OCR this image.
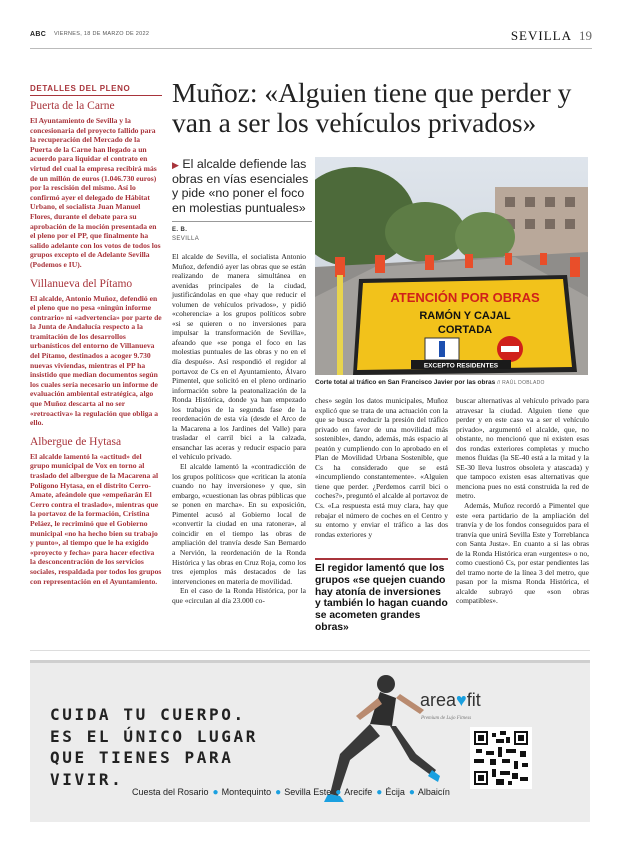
ABC VIERNES, 18 DE MARZO DE 2022	SEVILLA 19
DETALLES DEL PLENO
Puerta de la Carne

El Ayuntamiento de Sevilla y la concesionaria del proyecto fallido para la recuperación del Mercado de la Puerta de la Carne han llegado a un acuerdo para liquidar el contrato en virtud del cual la empresa recibirá más de un millón de euros (1.046.730 euros) por la rescisión del mismo. Así lo confirmó ayer el delegado de Hábitat Urbano, el socialista Juan Manuel Flores, durante el debate para su aprobación de la moción presentada en el pleno por el PP, que finalmente ha salido adelante con los votos de todos los grupos excepto el de Adelante Sevilla (Podemos e IU).

Villanueva del Pítamo

El alcalde, Antonio Muñoz, defendió en el pleno que no pesa «ningún informe contrario» ni «advertencia» por parte de la Junta de Andalucía respecto a la tramitación de los desarrollos urbanísticos del entorno de Villanueva del Pítamo, destinados a acoger 9.730 nuevas viviendas, mientras el PP ha insistido que median documentos según los cuales sería necesario un informe de evaluación ambiental estratégica, algo que Muñoz descarta al no ser «retroactiva» la regulación que obliga a ello.

Albergue de Hytasa

El alcalde lamentó la «actitud» del grupo municipal de Vox en torno al traslado del albergue de la Macarena al Polígono Hytasa, en el distrito Cerro-Amate, afeándole que «empeñarán El Cerro contra el traslado», mientras que la portavoz de la formación, Cristina Peláez, le recriminó que el Gobierno municipal «no ha hecho bien su trabajo y punto», al tiempo que le ha exigido «proyecto y fecha» para hacer efectiva la desconcentración de los servicios sociales, respaldada por todos los grupos con representación en el Ayuntamiento.

Muñoz: «Alguien tiene que perder y van a ser los vehículos privados»
▶ El alcalde defiende las obras en vías esenciales y pide «no poner el foco en molestias puntuales»
E. B.
SEVILLA

El alcalde de Sevilla, el socialista Antonio Muñoz, defendió ayer las obras que se están realizando de manera simultánea en avenidas principales de la ciudad, justificándolas en que «hay que reducir el volumen de vehículos privados», y pidió «coherencia» a los grupos políticos sobre «si se quieren o no inversiones para impulsar la transformación de Sevilla», afeando que «se ponga el foco en las molestias puntuales de las obras y no en el día después». Así respondió el regidor al portavoz de Cs en el Ayuntamiento, Álvaro Pimentel, que solicitó en el pleno ordinario información sobre la peatonalización de la Ronda Histórica, donde ya han empezado los trabajos de la segunda fase de la reordenación de esta vía (desde el Arco de la Macarena a los Jardines del Valle) para trasladar el carril bici a la calzada, ensanchar las aceras y reducir espacio para el vehículo privado.

El alcalde lamentó la «contradicción de los grupos políticos» que «critican la atonía cuando no hay inversiones» y que, sin embargo, «cuestionan las obras públicas que se ponen en marcha». En su exposición, Pimentel acusó al Gobierno local de «convertir la ciudad en una ratonera», al coincidir en el tiempo las obras de ampliación del tranvía desde San Bernardo a Nervión, la reordenación de la Ronda Histórica y las obras en Cruz Roja, como los tres ejemplos más destacados de las intervenciones en materia de movilidad.

En el caso de la Ronda Histórica, por la que «circulan al día 23.000 co-

ATENCIÓN POR OBRAS
RAMÓN Y CAJAL
CORTADA
EXCEPTO RESIDENTES
Corte total al tráfico en San Francisco Javier por las obras // RAÚL DOBLADO

ches» según los datos municipales, Muñoz explicó que se trata de una actuación con la que se busca «reducir la presión del tráfico privado en favor de una movilidad más sostenible», dando, además, más espacio al peatón y cumpliendo con lo aprobado en el Plan de Movilidad Urbana Sostenible, que Cs ha considerado que se está «incumpliendo constantemente». «Alguien tiene que perder. ¿Perdemos carril bici o coches?», preguntó el alcalde al portavoz de Cs. «La respuesta está muy clara, hay que rebajar el número de coches en el Centro y su entorno y enviar el tráfico a las dos rondas exteriores y

El regidor lamentó que los grupos «se quejen cuando hay atonía de inversiones y también lo hagan cuando se acometen grandes obras»

buscar alternativas al vehículo privado para atravesar la ciudad. Alguien tiene que perder y en este caso va a ser el vehículo privado», argumentó el alcalde, que, no obstante, no mencionó que ni existen esas dos rondas exteriores completas y mucho menos fluidas (la SE-40 está a la mitad y la SE-30 lleva lustros obsoleta y atascada) y que tampoco existen esas alternativas que menciona pues no está construida la red de metro.

Además, Muñoz recordó a Pimentel que este «era partidario de la ampliación del tranvía y de los fondos conseguidos para el tranvía que unirá Sevilla Este y Torreblanca con Santa Justa». En cuanto a si las obras de la Ronda Histórica eran «urgentes» o no, como cuestionó Cs, por estar pendientes las del tramo norte de la línea 3 del metro, que pasan por la misma Ronda Histórica, el alcalde subrayó que «son obras compatibles».

CUIDA TU CUERPO.
ES EL ÚNICO LUGAR
QUE TIENES PARA
VIVIR.
area♥fit
Premium de Lujo Fitness
Cuesta del Rosario ● Montequinto ● Sevilla Este ● Arecife ● Écija ● Albaicín
